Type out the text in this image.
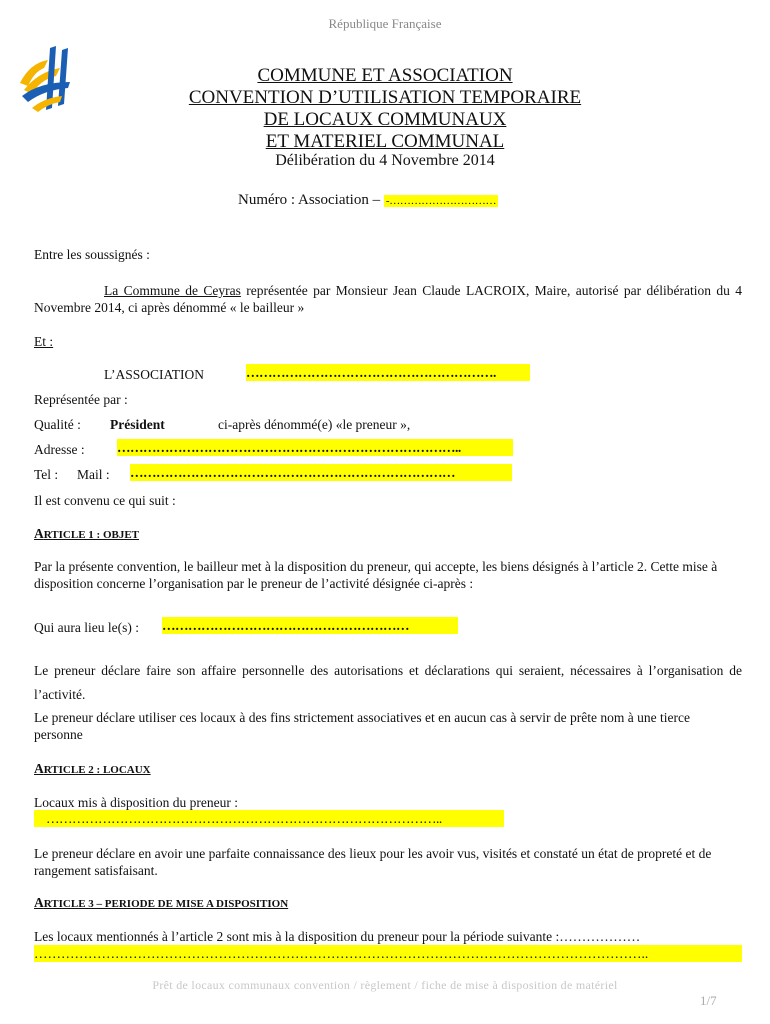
République Française
COMMUNE ET ASSOCIATION
CONVENTION D’UTILISATION TEMPORAIRE
DE LOCAUX COMMUNAUX
ET MATERIEL COMMUNAL
Délibération du 4 Novembre 2014
Numéro : Association – -…………………………
Entre les soussignés :
La Commune de Ceyras représentée par Monsieur Jean Claude LACROIX, Maire, autorisé par délibération du 4 Novembre 2014, ci après dénommé « le bailleur »
Et :
L’ASSOCIATION	………………………………………………….
Représentée par :
Qualité : Président	ci-après dénommé(e) «le preneur »,
Adresse : ……………………………………………………………………..
Tel : Mail : …………………………………………………………………
Il est convenu ce qui suit :
ARTICLE 1 : OBJET
Par la présente convention, le bailleur met à la disposition du preneur, qui accepte, les biens désignés à l’article 2. Cette mise à disposition concerne l’organisation par le preneur de l’activité désignée ci-après :
Qui aura lieu le(s) : …………………………………………………
Le preneur déclare faire son affaire personnelle des autorisations et déclarations qui seraient, nécessaires à l’organisation de l’activité.
Le preneur déclare utiliser ces locaux à des fins strictement associatives et en aucun cas à servir de prête nom à une tierce personne
ARTICLE 2 : LOCAUX
Locaux mis à disposition du preneur :
………………………………………………………………………………..
Le preneur déclare en avoir une parfaite connaissance des lieux pour les avoir vus, visités et constaté un état de propreté et de rangement satisfaisant.
ARTICLE 3 – PERIODE DE MISE A DISPOSITION
Les locaux mentionnés à l’article 2 sont mis à la disposition du preneur pour la période suivante :………………
………………………………………………………………………………………………………………………..
Prêt de locaux communaux convention / règlement / fiche de mise à disposition de matériel
1/7
